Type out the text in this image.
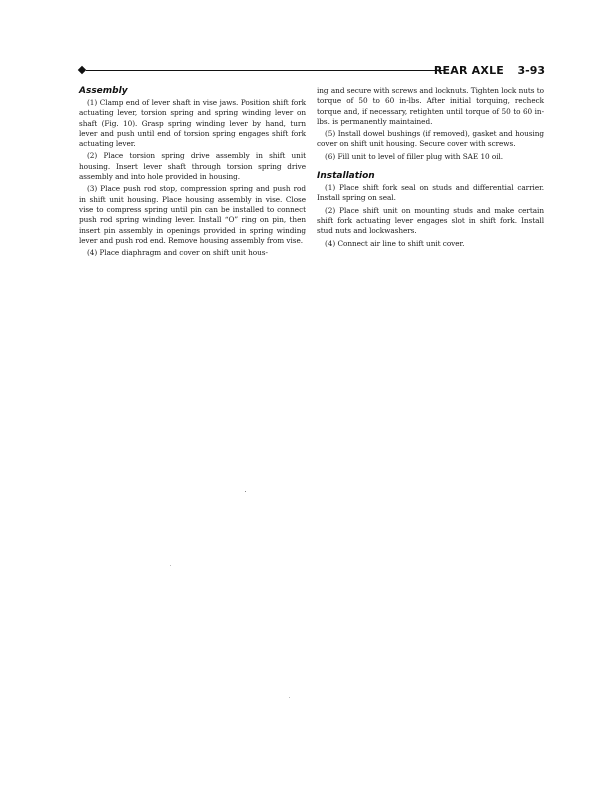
REAR AXLE 3-93
Assembly

(1) Clamp end of lever shaft in vise jaws. Position shift fork actuating lever, torsion spring and spring winding lever on shaft (Fig. 10). Grasp spring winding lever by hand, turn lever and push until end of torsion spring engages shift fork actuating lever.

(2) Place torsion spring drive assembly in shift unit housing. Insert lever shaft through torsion spring drive assembly and into hole provided in housing.

(3) Place push rod stop, compression spring and push rod in shift unit housing. Place housing assembly in vise. Close vise to compress spring until pin can be installed to connect push rod spring winding lever. Install “O” ring on pin, then insert pin assembly in openings provided in spring winding lever and push rod end. Remove housing assembly from vise.

(4) Place diaphragm and cover on shift unit hous-

ing and secure with screws and locknuts. Tighten lock nuts to torque of 50 to 60 in-lbs. After initial torquing, recheck torque and, if necessary, retighten until torque of 50 to 60 in-lbs. is permanently maintained.

(5) Install dowel bushings (if removed), gasket and housing cover on shift unit housing. Secure cover with screws.

(6) Fill unit to level of filler plug with SAE 10 oil.

Installation

(1) Place shift fork seal on studs and differential carrier. Install spring on seal.

(2) Place shift unit on mounting studs and make certain shift fork actuating lever engages slot in shift fork. Install stud nuts and lockwashers.

(4) Connect air line to shift unit cover.
